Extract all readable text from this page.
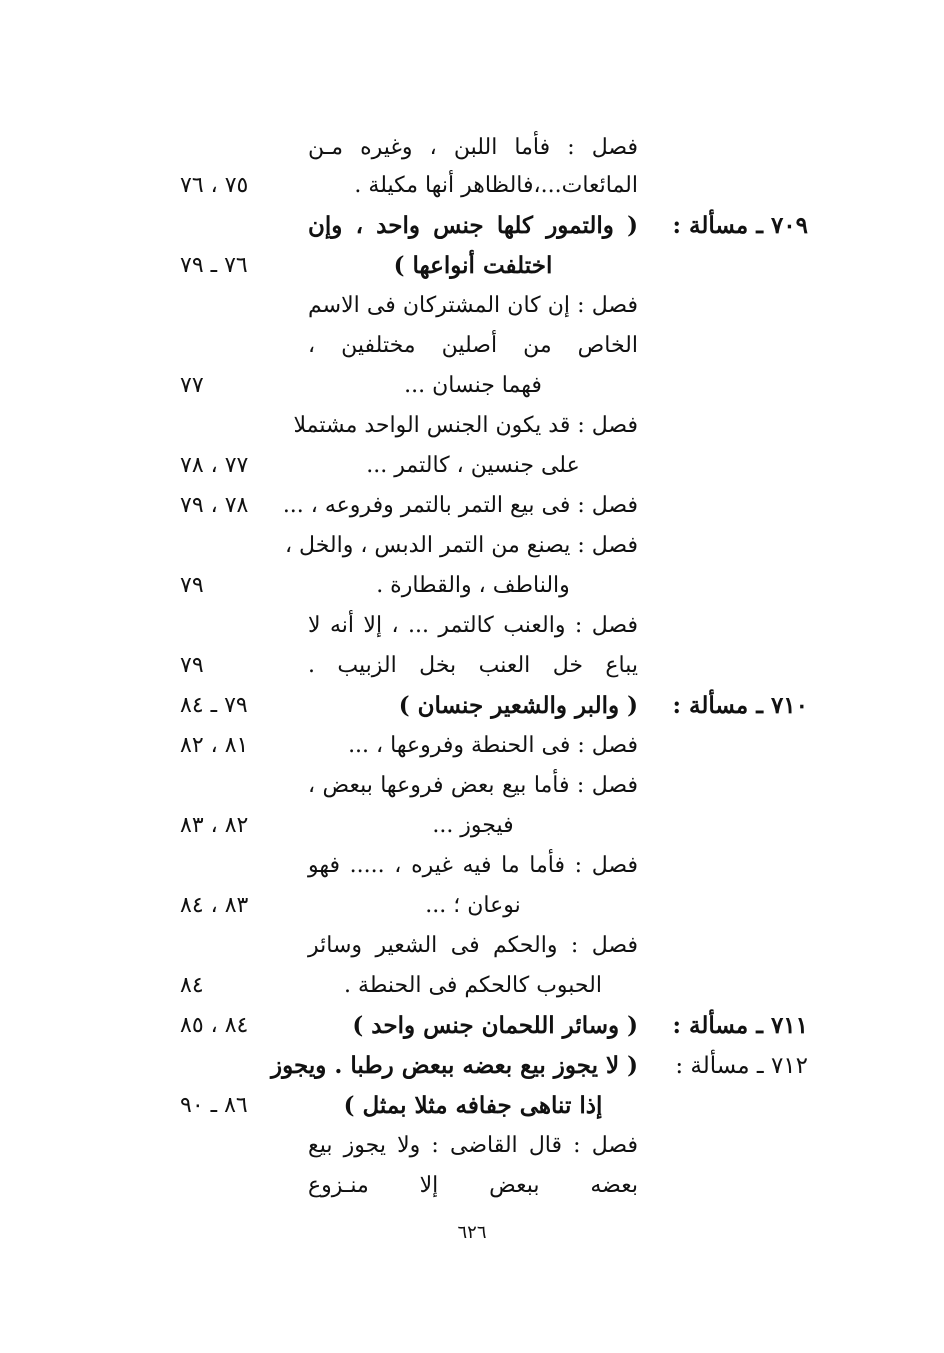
فصل : فأما اللبن ، وغيره مـن
المائعات...،فالظاهر أنها مكيلة .
٧٥ ، ٧٦
٧٠٩ ـ مسألة :
( والتمور كلها جنس واحد ، وإن
اختلفت أنواعها )
٧٦ ـ ٧٩
فصل : إن كان المشتركان فى الاسم
الخاص من أصلين مختلفين ،
فهما جنسان ...
٧٧
فصل : قد يكون الجنس الواحد مشتملا
على جنسين ، كالتمر ...
٧٧ ، ٧٨
فصل : فى بيع التمر بالتمر وفروعه ، ...
٧٨ ، ٧٩
فصل : يصنع من التمر الدبس ، والخل ،
والناطف ، والقطارة .
٧٩
فصل : والعنب كالتمر ... ، إلا أنه لا
يباع خل العنب بخل الزبيب .
٧٩
٧١٠ ـ مسألة :
( والبر والشعير جنسان )
٧٩ ـ ٨٤
فصل : فى الحنطة وفروعها ، ...
٨١ ، ٨٢
فصل : فأما بيع بعض فروعها ببعض ،
فيجوز ...
٨٢ ، ٨٣
فصل : فأما ما فيه غيره ، ..... فهو
نوعان ؛ ...
٨٣ ، ٨٤
فصل : والحكم فى الشعير وسائر
الحبوب كالحكم فى الحنطة .
٨٤
٧١١ ـ مسألة :
( وسائر اللحمان جنس واحد )
٨٤ ، ٨٥
٧١٢ ـ مسألة :
( لا يجوز بيع بعضه ببعض رطبا . ويجوز
إذا تناهى جفافه مثلا بمثل )
٨٦ ـ ٩٠
فصل : قال القاضى : ولا يجوز بيع
بعضه ببعض إلا منـزوع
٦٢٦
